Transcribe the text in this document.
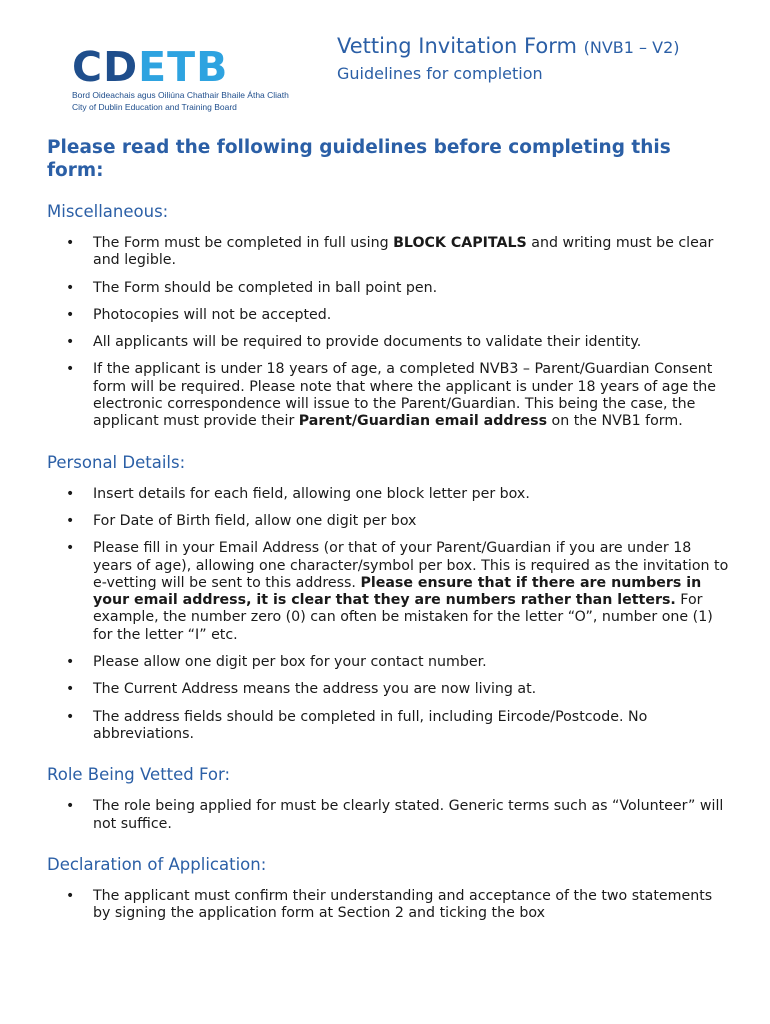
CDETB
Bord Oideachais agus Oiliúna Chathair Bhaile Átha Cliath
City of Dublin Education and Training Board
Vetting Invitation Form (NVB1 – V2)
Guidelines for completion
Please read the following guidelines before completing this form:
Miscellaneous:
• The Form must be completed in full using BLOCK CAPITALS and writing must be clear and legible.
• The Form should be completed in ball point pen.
• Photocopies will not be accepted.
• All applicants will be required to provide documents to validate their identity.
• If the applicant is under 18 years of age, a completed NVB3 – Parent/Guardian Consent form will be required. Please note that where the applicant is under 18 years of age the electronic correspondence will issue to the Parent/Guardian. This being the case, the applicant must provide their Parent/Guardian email address on the NVB1 form.
Personal Details:
• Insert details for each field, allowing one block letter per box.
• For Date of Birth field, allow one digit per box
• Please fill in your Email Address (or that of your Parent/Guardian if you are under 18 years of age), allowing one character/symbol per box. This is required as the invitation to e-vetting will be sent to this address. Please ensure that if there are numbers in your email address, it is clear that they are numbers rather than letters. For example, the number zero (0) can often be mistaken for the letter “O”, number one (1) for the letter “I” etc.
• Please allow one digit per box for your contact number.
• The Current Address means the address you are now living at.
• The address fields should be completed in full, including Eircode/Postcode. No abbreviations.
Role Being Vetted For:
• The role being applied for must be clearly stated. Generic terms such as “Volunteer” will not suffice.
Declaration of Application:
• The applicant must confirm their understanding and acceptance of the two statements by signing the application form at Section 2 and ticking the box
